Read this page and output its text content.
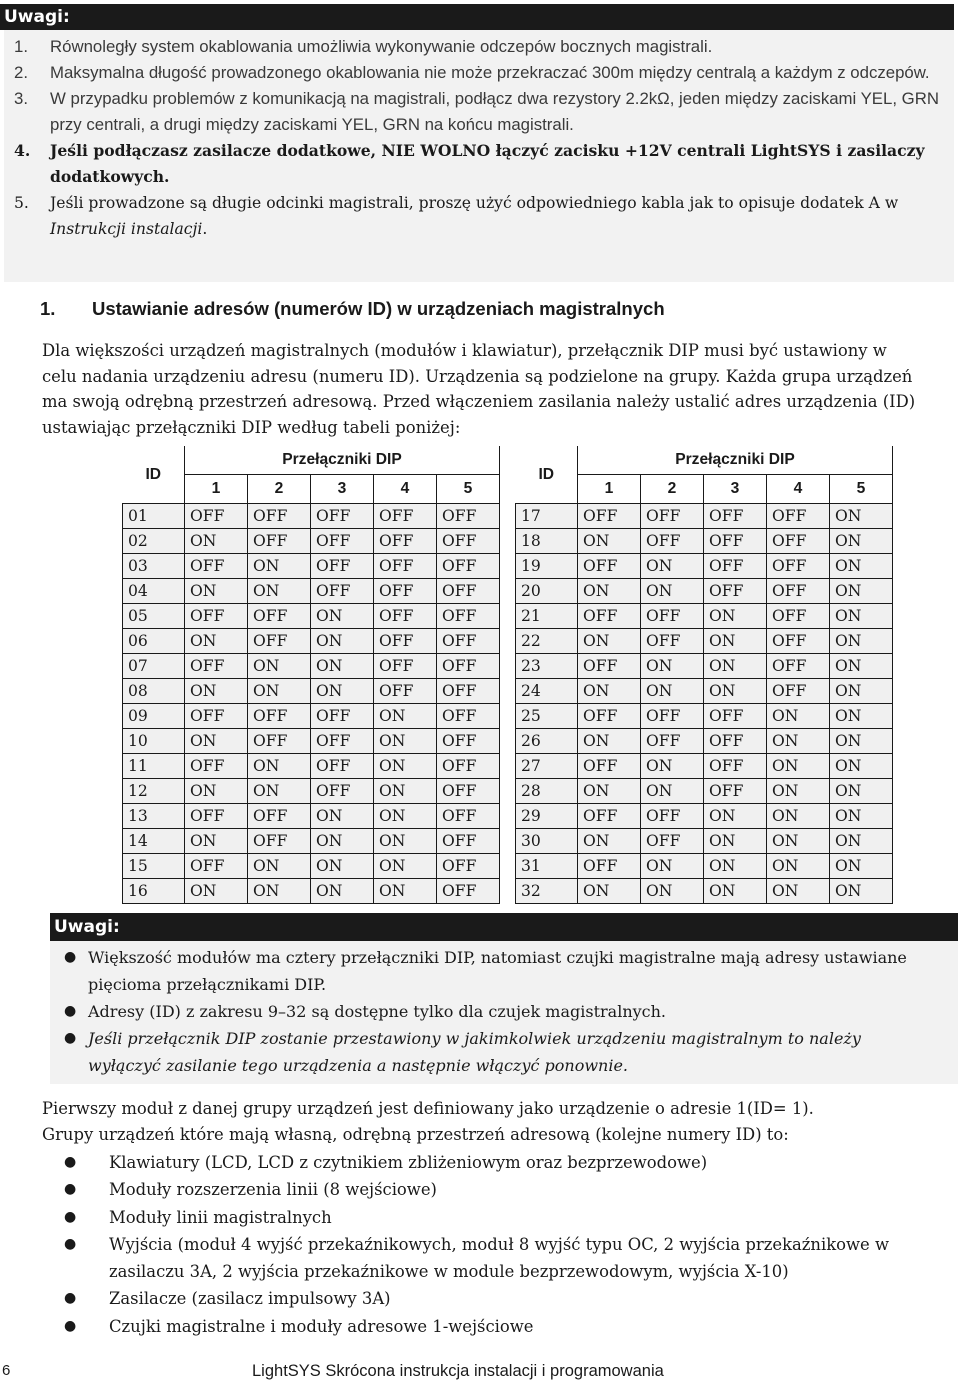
Uwagi:
1. Równoległy system okablowania umożliwia wykonywanie odczepów bocznych magistrali.
2. Maksymalna długość prowadzonego okablowania nie może przekraczać 300m między centralą a każdym z odczepów.
3. W przypadku problemów z komunikacją na magistrali, podłącz dwa rezystory 2.2kΩ, jeden między zaciskami YEL, GRN przy centrali, a drugi między zaciskami YEL, GRN na końcu magistrali.
4. Jeśli podłączasz zasilacze dodatkowe, NIE WOLNO łączyć zacisku +12V centrali LightSYS i zasilaczy dodatkowych.
5. Jeśli prowadzone są długie odcinki magistrali, proszę użyć odpowiedniego kabla jak to opisuje dodatek A w Instrukcji instalacji.
1. Ustawianie adresów (numerów ID) w urządzeniach magistralnych
Dla większości urządzeń magistralnych (modułów i klawiatur), przełącznik DIP musi być ustawiony w celu nadania urządzeniu adresu (numeru ID). Urządzenia są podzielone na grupy. Każda grupa urządzeń ma swoją odrębną przestrzeń adresową. Przed włączeniem zasilania należy ustalić adres urządzenia (ID) ustawiając przełączniki DIP według tabeli poniżej:
ID	Przełączniki DIP				
	1	2	3	4	5
01	OFF	OFF	OFF	OFF	OFF
02	ON	OFF	OFF	OFF	OFF
03	OFF	ON	OFF	OFF	OFF
04	ON	ON	OFF	OFF	OFF
05	OFF	OFF	ON	OFF	OFF
06	ON	OFF	ON	OFF	OFF
07	OFF	ON	ON	OFF	OFF
08	ON	ON	ON	OFF	OFF
09	OFF	OFF	OFF	ON	OFF
10	ON	OFF	OFF	ON	OFF
11	OFF	ON	OFF	ON	OFF
12	ON	ON	OFF	ON	OFF
13	OFF	OFF	ON	ON	OFF
14	ON	OFF	ON	ON	OFF
15	OFF	ON	ON	ON	OFF
16	ON	ON	ON	ON	OFF
ID	Przełączniki DIP				
	1	2	3	4	5
17	OFF	OFF	OFF	OFF	ON
18	ON	OFF	OFF	OFF	ON
19	OFF	ON	OFF	OFF	ON
20	ON	ON	OFF	OFF	ON
21	OFF	OFF	ON	OFF	ON
22	ON	OFF	ON	OFF	ON
23	OFF	ON	ON	OFF	ON
24	ON	ON	ON	OFF	ON
25	OFF	OFF	OFF	ON	ON
26	ON	OFF	OFF	ON	ON
27	OFF	ON	OFF	ON	ON
28	ON	ON	OFF	ON	ON
29	OFF	OFF	ON	ON	ON
30	ON	OFF	ON	ON	ON
31	OFF	ON	ON	ON	ON
32	ON	ON	ON	ON	ON
Uwagi:
● Większość modułów ma cztery przełączniki DIP, natomiast czujki magistralne mają adresy ustawiane pięcioma przełącznikami DIP.
● Adresy (ID) z zakresu 9–32 są dostępne tylko dla czujek magistralnych.
● Jeśli przełącznik DIP zostanie przestawiony w jakimkolwiek urządzeniu magistralnym to należy wyłączyć zasilanie tego urządzenia a następnie włączyć ponownie.
Pierwszy moduł z danej grupy urządzeń jest definiowany jako urządzenie o adresie 1(ID= 1).
Grupy urządzeń które mają własną, odrębną przestrzeń adresową (kolejne numery ID) to:
● Klawiatury (LCD, LCD z czytnikiem zbliżeniowym oraz bezprzewodowe)
● Moduły rozszerzenia linii (8 wejściowe)
● Moduły linii magistralnych
● Wyjścia (moduł 4 wyjść przekaźnikowych, moduł 8 wyjść typu OC, 2 wyjścia przekaźnikowe w zasilaczu 3A, 2 wyjścia przekaźnikowe w module bezprzewodowym, wyjścia X-10)
● Zasilacze (zasilacz impulsowy 3A)
● Czujki magistralne i moduły adresowe 1-wejściowe
6	LightSYS Skrócona instrukcja instalacji i programowania
